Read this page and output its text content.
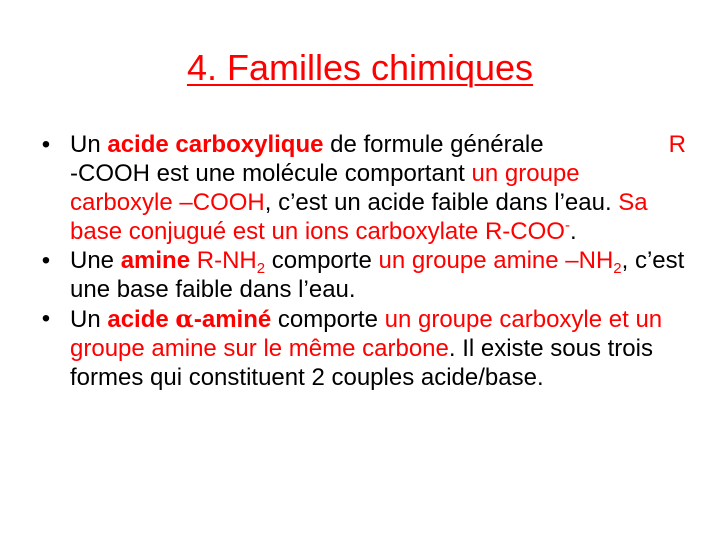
4. Familles chimiques

• Un acide carboxylique de formule générale	R

-COOH est une molécule comportant un groupe carboxyle –COOH, c’est un acide faible dans l’eau. Sa base conjugué est un ions carboxylate R-COO-.

• Une amine $R-NH_2$ comporte un groupe amine $-NH_2$, c’est une base faible dans l’eau.

• Un acide α-aminé comporte un groupe carboxyle et un groupe amine sur le même carbone. Il existe sous trois formes qui constituent 2 couples acide/base.
